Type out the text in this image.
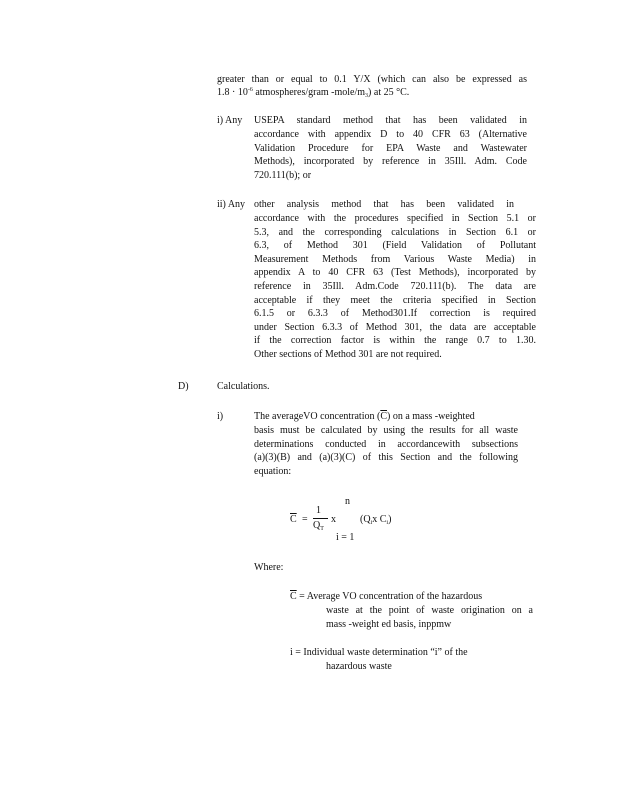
greater than or equal to 0.1 Y/X (which can also be expressed as
$1.8 \cdot 10^{-6}$ atmospheres/gram $-mole/m_3$) at 25 °C.
i) Any USEPA standard method that has been validated in
accordance with appendix D to 40 CFR 63 (Alternative
Validation Procedure for EPA Waste and Wastewater
Methods), incorporated by reference in 35Ill. Adm. Code
720.111(b); or
ii) Any other analysis method that has been validated in
accordance with the procedures specified in Section 5.1 or
5.3, and the corresponding calculations in Section 6.1 or
6.3, of Method 301 (Field Validation of Pollutant
Measurement Methods from Various Waste Media) in
appendix A to 40 CFR 63 (Test Methods), incorporated by
reference in 35Ill. Adm.Code 720.111(b). The data are
acceptable if they meet the criteria specified in Section
6.1.5 or 6.3.3 of Method301.If correction is required
under Section 6.3.3 of Method 301, the data are acceptable
if the correction factor is within the range 0.7 to 1.30.
Other sections of Method 301 are not required.
D)	Calculations.
i)	The averageVO concentration $(\overline{C})$ on a mass -weighted
basis must be calculated by using the results for all waste
determinations conducted in accordancewith subsections
(a)(3)(B) and (a)(3)(C) of this Section and the following
equation:
n
$\overline{C}$ =
1
$Q_T$
x ($Q_ix$ $C_i$)
i = 1
Where:
$\overline{C}$ = Average VO concentration of the hazardous
waste at the point of waste origination on a
mass -weight ed basis, inppmw
i = Individual waste determination “i” of the
hazardous waste
